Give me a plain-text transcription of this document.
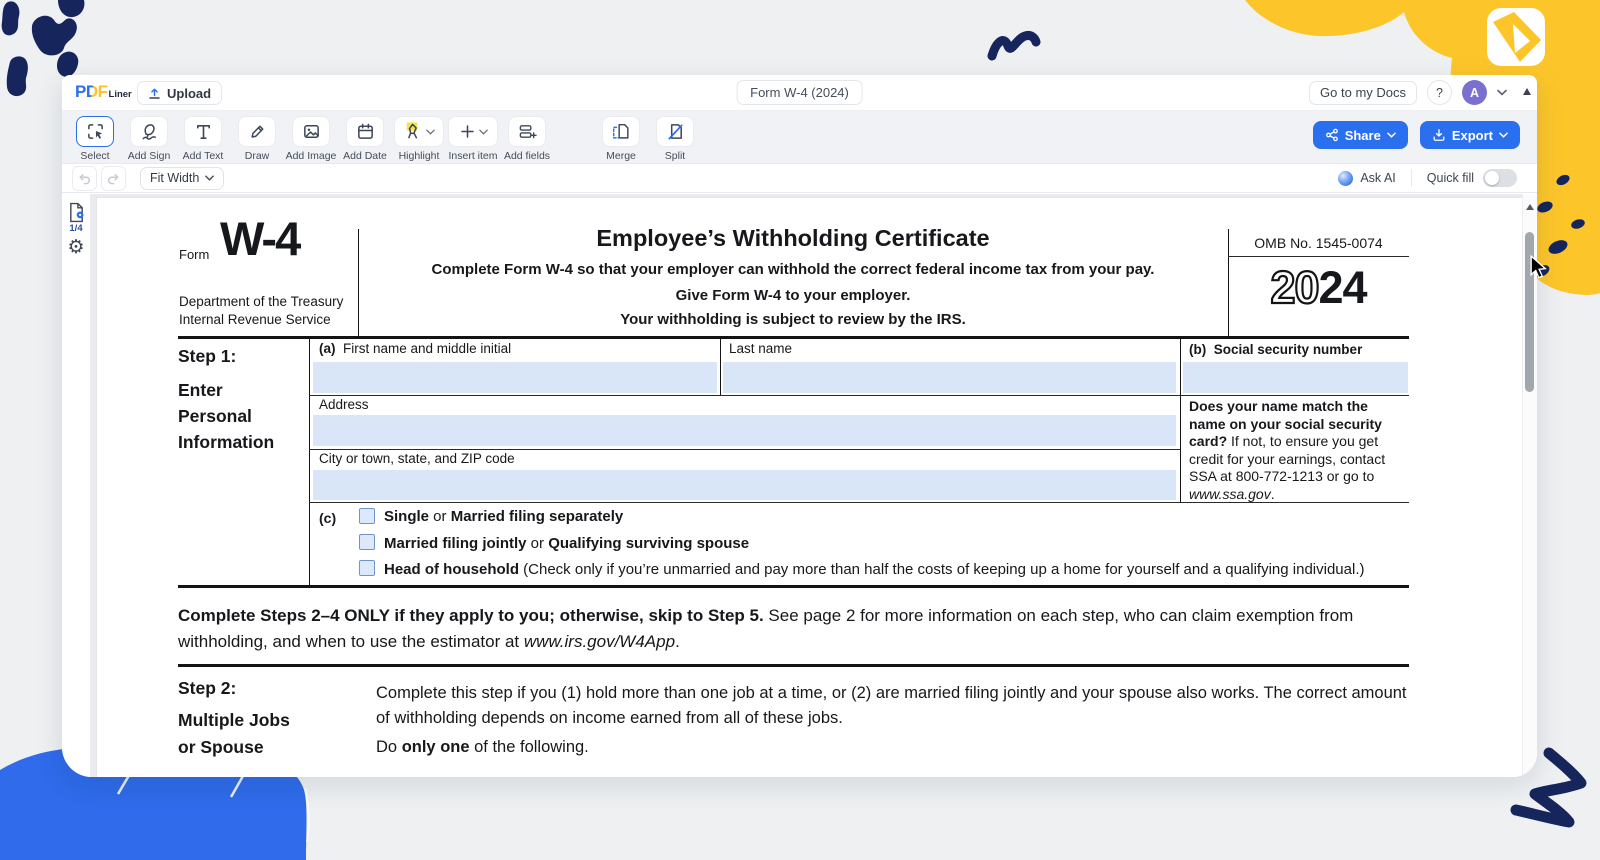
P D F Liner	Upload	Form W-4 (2024)	Go to my Docs ? A
Select Add Sign Add Text Draw Add Image Add Date Highlight Insert item Add fields	Merge	Split
Share	Export
Fit Width	Ask AI Quick fill
1/4
⚙	Form W-4
Department of the Treasury
Internal Revenue Service
Employee’s Withholding Certificate
Complete Form W-4 so that your employer can withhold the correct federal income tax from your pay.
Give Form W-4 to your employer.
Your withholding is subject to review by the IRS.
OMB No. 1545-0074
2024
Step 1:
Enter
Personal
Information
(a) First name and middle initial	Last name	(b) Social security number
Address
City or town, state, and ZIP code
Does your name match the name on your social security card? If not, to ensure you get credit for your earnings, contact SSA at 800-772-1213 or go to www.ssa.gov.
(c)	Single or Married filing separately
Married filing jointly or Qualifying surviving spouse
Head of household (Check only if you’re unmarried and pay more than half the costs of keeping up a home for yourself and a qualifying individual.)
Complete Steps 2–4 ONLY if they apply to you; otherwise, skip to Step 5. See page 2 for more information on each step, who can claim exemption from withholding, and when to use the estimator at www.irs.gov/W4App.
Step 2:
Multiple Jobs
or Spouse
Complete this step if you (1) hold more than one job at a time, or (2) are married filing jointly and your spouse also works. The correct amount of withholding depends on income earned from all of these jobs.
Do only one of the following.
